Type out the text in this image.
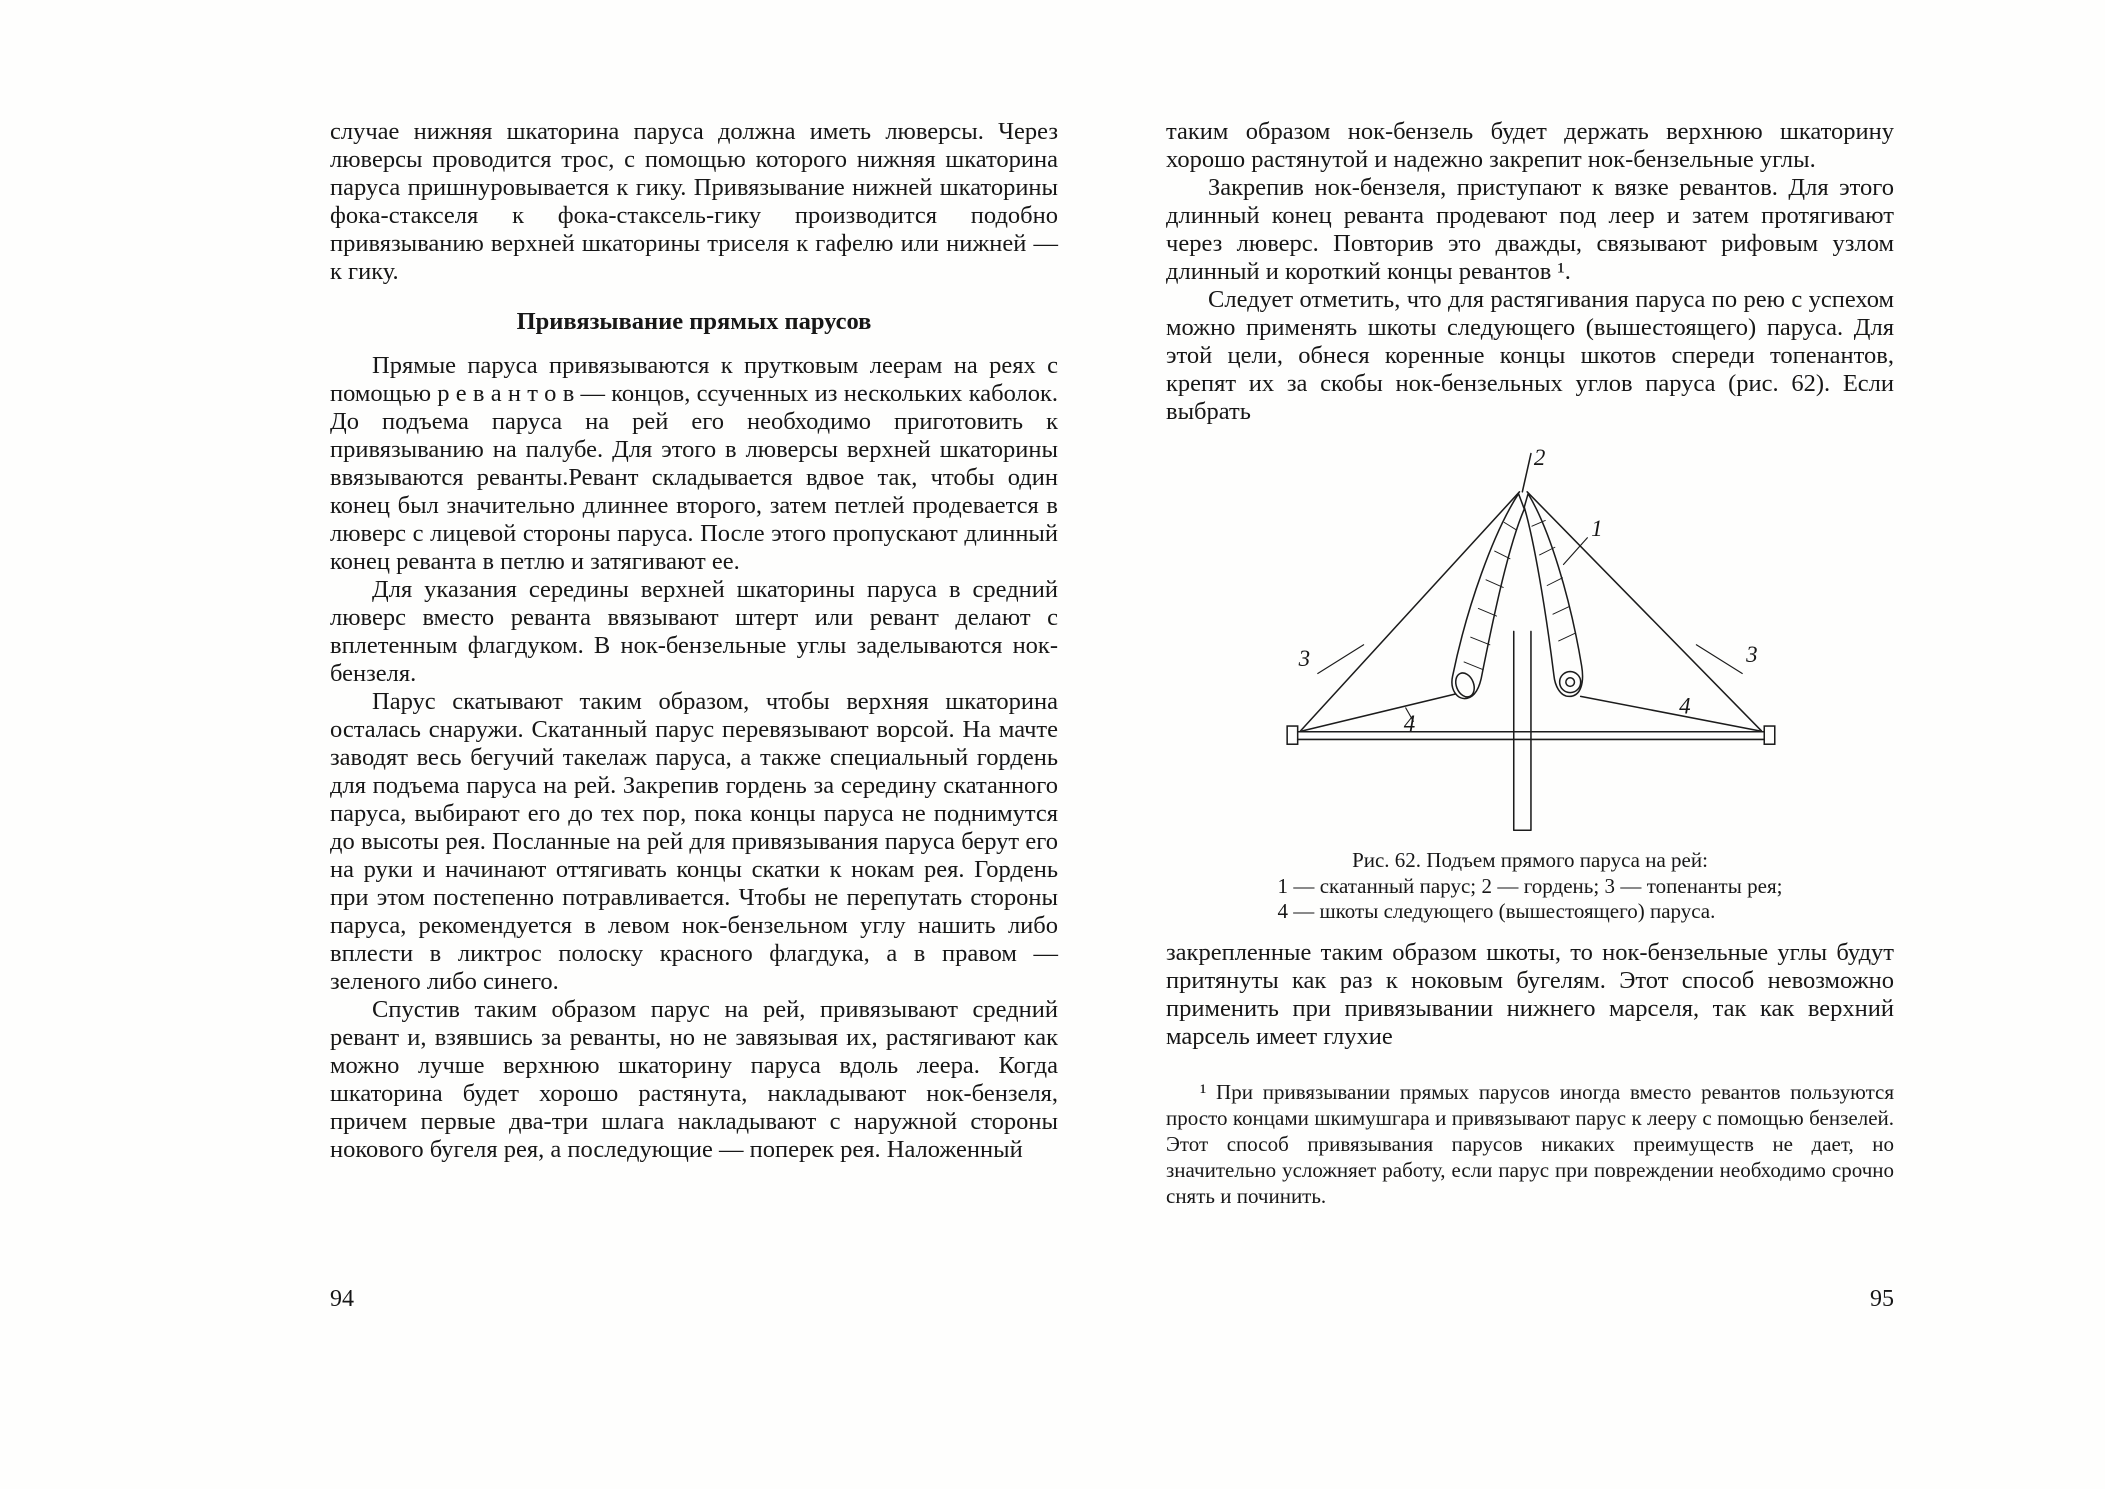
случае нижняя шкаторина паруса должна иметь люверсы. Через люверсы проводится трос, с помощью которого нижняя шкаторина паруса пришнуровывается к гику. Привязывание нижней шкаторины фока-стакселя к фока-стаксель-гику производится подобно привязыванию верхней шкаторины триселя к гафелю или нижней — к гику.

Привязывание прямых парусов

Прямые паруса привязываются к прутковым леерам на реях с помощью р е в а н т о в — концов, ссученных из нескольких каболок. До подъема паруса на рей его необходимо приготовить к привязыванию на палубе. Для этого в люверсы верхней шкаторины ввязываются реванты.Ревант складывается вдвое так, чтобы один конец был значительно длиннее второго, затем петлей продевается в люверс с лицевой стороны паруса. После этого пропускают длинный конец реванта в петлю и затягивают ее.

Для указания середины верхней шкаторины паруса в средний люверс вместо реванта ввязывают штерт или ревант делают с вплетенным флагдуком. В нок-бензельные углы заделываются нок-бензеля.

Парус скатывают таким образом, чтобы верхняя шкаторина осталась снаружи. Скатанный парус перевязывают ворсой. На мачте заводят весь бегучий такелаж паруса, а также специальный гордень для подъема паруса на рей. Закрепив гордень за середину скатанного паруса, выбирают его до тех пор, пока концы паруса не поднимутся до высоты рея. Посланные на рей для привязывания паруса берут его на руки и начинают оттягивать концы скатки к нокам рея. Гордень при этом постепенно потравливается. Чтобы не перепутать стороны паруса, рекомендуется в левом нок-бензельном углу нашить либо вплести в ликтрос полоску красного флагдука, а в правом — зеленого либо синего.

Спустив таким образом парус на рей, привязывают средний ревант и, взявшись за реванты, но не завязывая их, растягивают как можно лучше верхнюю шкаторину паруса вдоль леера. Когда шкаторина будет хорошо растянута, накладывают нок-бензеля, причем первые два-три шлага накладывают с наружной стороны нокового бугеля рея, а последующие — поперек рея. Наложенный

таким образом нок-бензель будет держать верхнюю шкаторину хорошо растянутой и надежно закрепит нок-бензельные углы.

Закрепив нок-бензеля, приступают к вязке ревантов. Для этого длинный конец реванта продевают под леер и затем протягивают через люверс. Повторив это дважды, связывают рифовым узлом длинный и короткий концы ревантов ¹.

Следует отметить, что для растягивания паруса по рею с успехом можно применять шкоты следующего (вышестоящего) паруса. Для этой цели, обнеся коренные концы шкотов спереди топенантов, крепят их за скобы нок-бензельных углов паруса (рис. 62). Если выбрать

2
1
3	3
4
4
Рис. 62. Подъем прямого паруса на рей:
1 — скатанный парус; 2 — гордень; 3 — топенанты рея; 4 — шкоты следующего (вышестоящего) паруса.

закрепленные таким образом шкоты, то нок-бензельные углы будут притянуты как раз к ноковым бугелям. Этот способ невозможно применить при привязывании нижнего марселя, так как верхний марсель имеет глухие

¹ При привязывании прямых парусов иногда вместо ревантов пользуются просто концами шкимушгара и привязывают парус к лееру с помощью бензелей. Этот способ привязывания парусов никаких преимуществ не дает, но значительно усложняет работу, если парус при повреждении необходимо срочно снять и починить.
94	95
